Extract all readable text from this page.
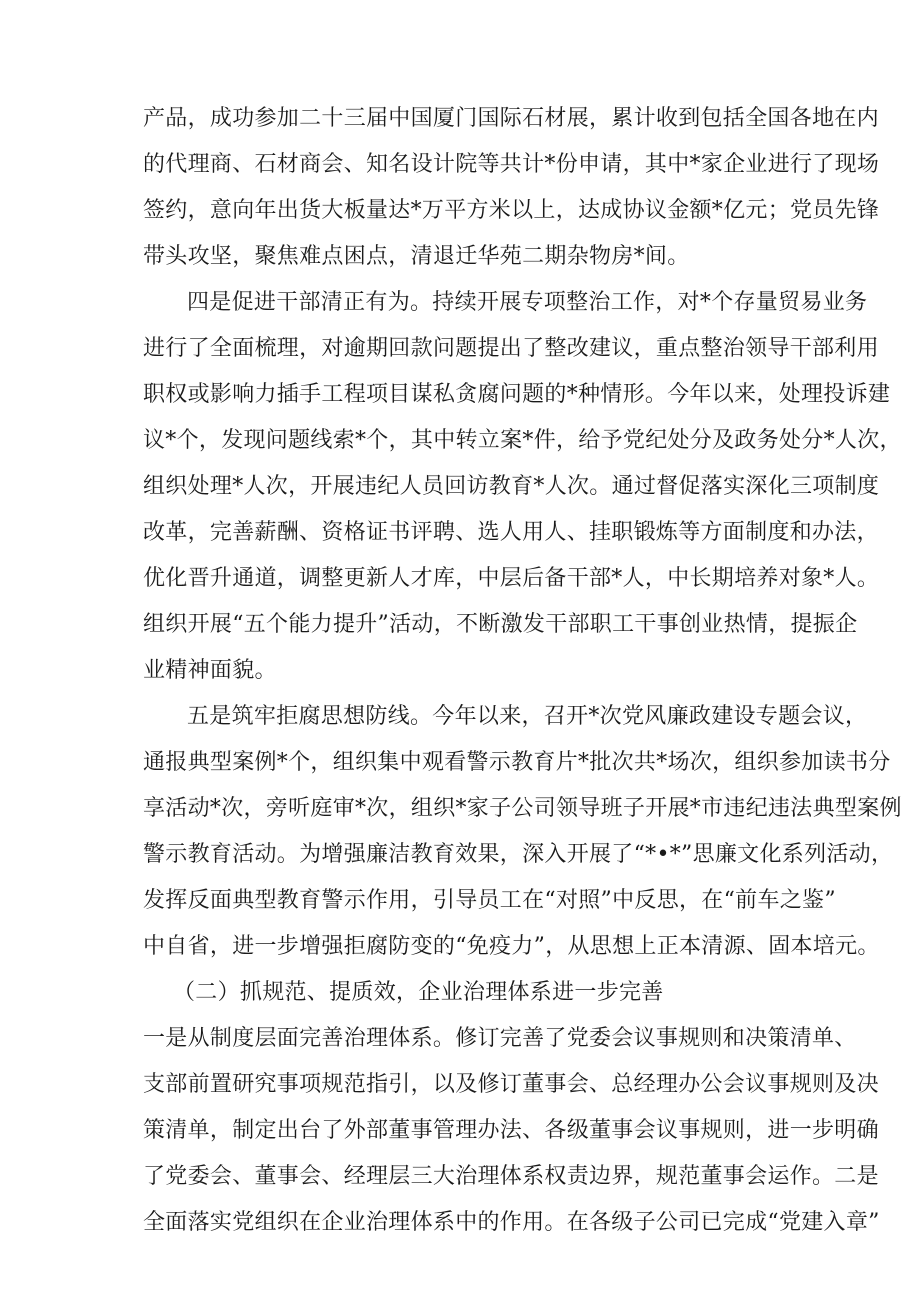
产品，成功参加二十三届中国厦门国际石材展，累计收到包括全国各地在内
的代理商、石材商会、知名设计院等共计*份申请，其中*家企业进行了现场
签约，意向年出货大板量达*万平方米以上，达成协议金额*亿元；党员先锋
带头攻坚，聚焦难点困点，清退迁华苑二期杂物房*间。
四是促进干部清正有为。持续开展专项整治工作，对*个存量贸易业务
进行了全面梳理，对逾期回款问题提出了整改建议，重点整治领导干部利用
职权或影响力插手工程项目谋私贪腐问题的*种情形。今年以来，处理投诉建
议*个，发现问题线索*个，其中转立案*件，给予党纪处分及政务处分*人次，
组织处理*人次，开展违纪人员回访教育*人次。通过督促落实深化三项制度
改革，完善薪酬、资格证书评聘、选人用人、挂职锻炼等方面制度和办法，
优化晋升通道，调整更新人才库，中层后备干部*人，中长期培养对象*人。
组织开展“五个能力提升”活动，不断激发干部职工干事创业热情，提振企
业精神面貌。
五是筑牢拒腐思想防线。今年以来，召开*次党风廉政建设专题会议，
通报典型案例*个，组织集中观看警示教育片*批次共*场次，组织参加读书分
享活动*次，旁听庭审*次，组织*家子公司领导班子开展*市违纪违法典型案例
警示教育活动。为增强廉洁教育效果，深入开展了“*•*”思廉文化系列活动，
发挥反面典型教育警示作用，引导员工在“对照”中反思，在“前车之鉴”
中自省，进一步增强拒腐防变的“免疫力”，从思想上正本清源、固本培元。
（二）抓规范、提质效，企业治理体系进一步完善
一是从制度层面完善治理体系。修订完善了党委会议事规则和决策清单、
支部前置研究事项规范指引，以及修订董事会、总经理办公会议事规则及决
策清单，制定出台了外部董事管理办法、各级董事会议事规则，进一步明确
了党委会、董事会、经理层三大治理体系权责边界，规范董事会运作。二是
全面落实党组织在企业治理体系中的作用。在各级子公司已完成“党建入章”
